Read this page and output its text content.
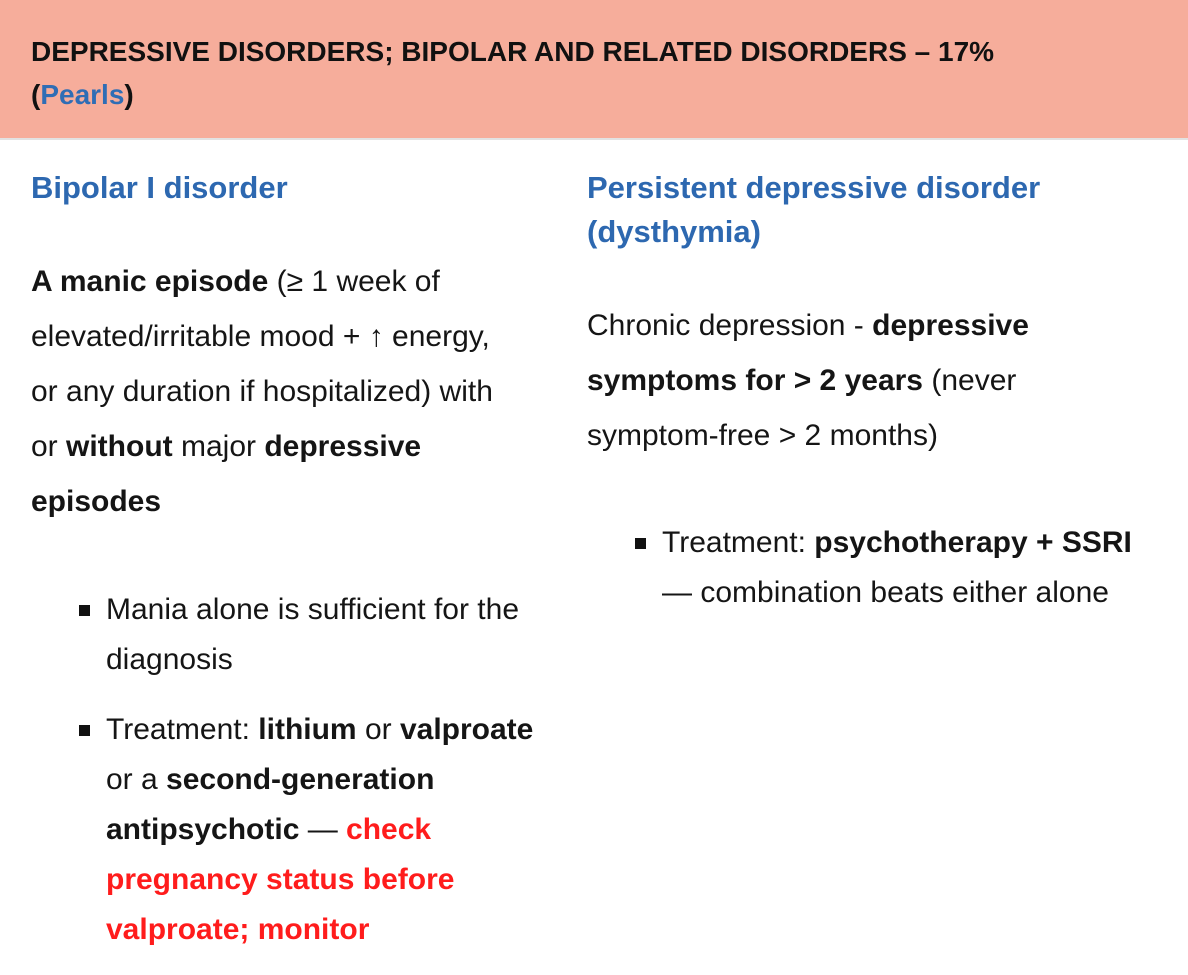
DEPRESSIVE DISORDERS; BIPOLAR AND RELATED DISORDERS – 17%
(Pearls)
Bipolar I disorder

A manic episode (≥ 1 week of elevated/irritable mood + ↑ energy, or any duration if hospitalized) with or without major depressive episodes

Mania alone is sufficient for the diagnosis
Treatment: lithium or valproate or a second-generation antipsychotic — check pregnancy status before valproate; monitor
Persistent depressive disorder (dysthymia)

Chronic depression - depressive symptoms for > 2 years (never symptom-free > 2 months)

Treatment: psychotherapy + SSRI — combination beats either alone
